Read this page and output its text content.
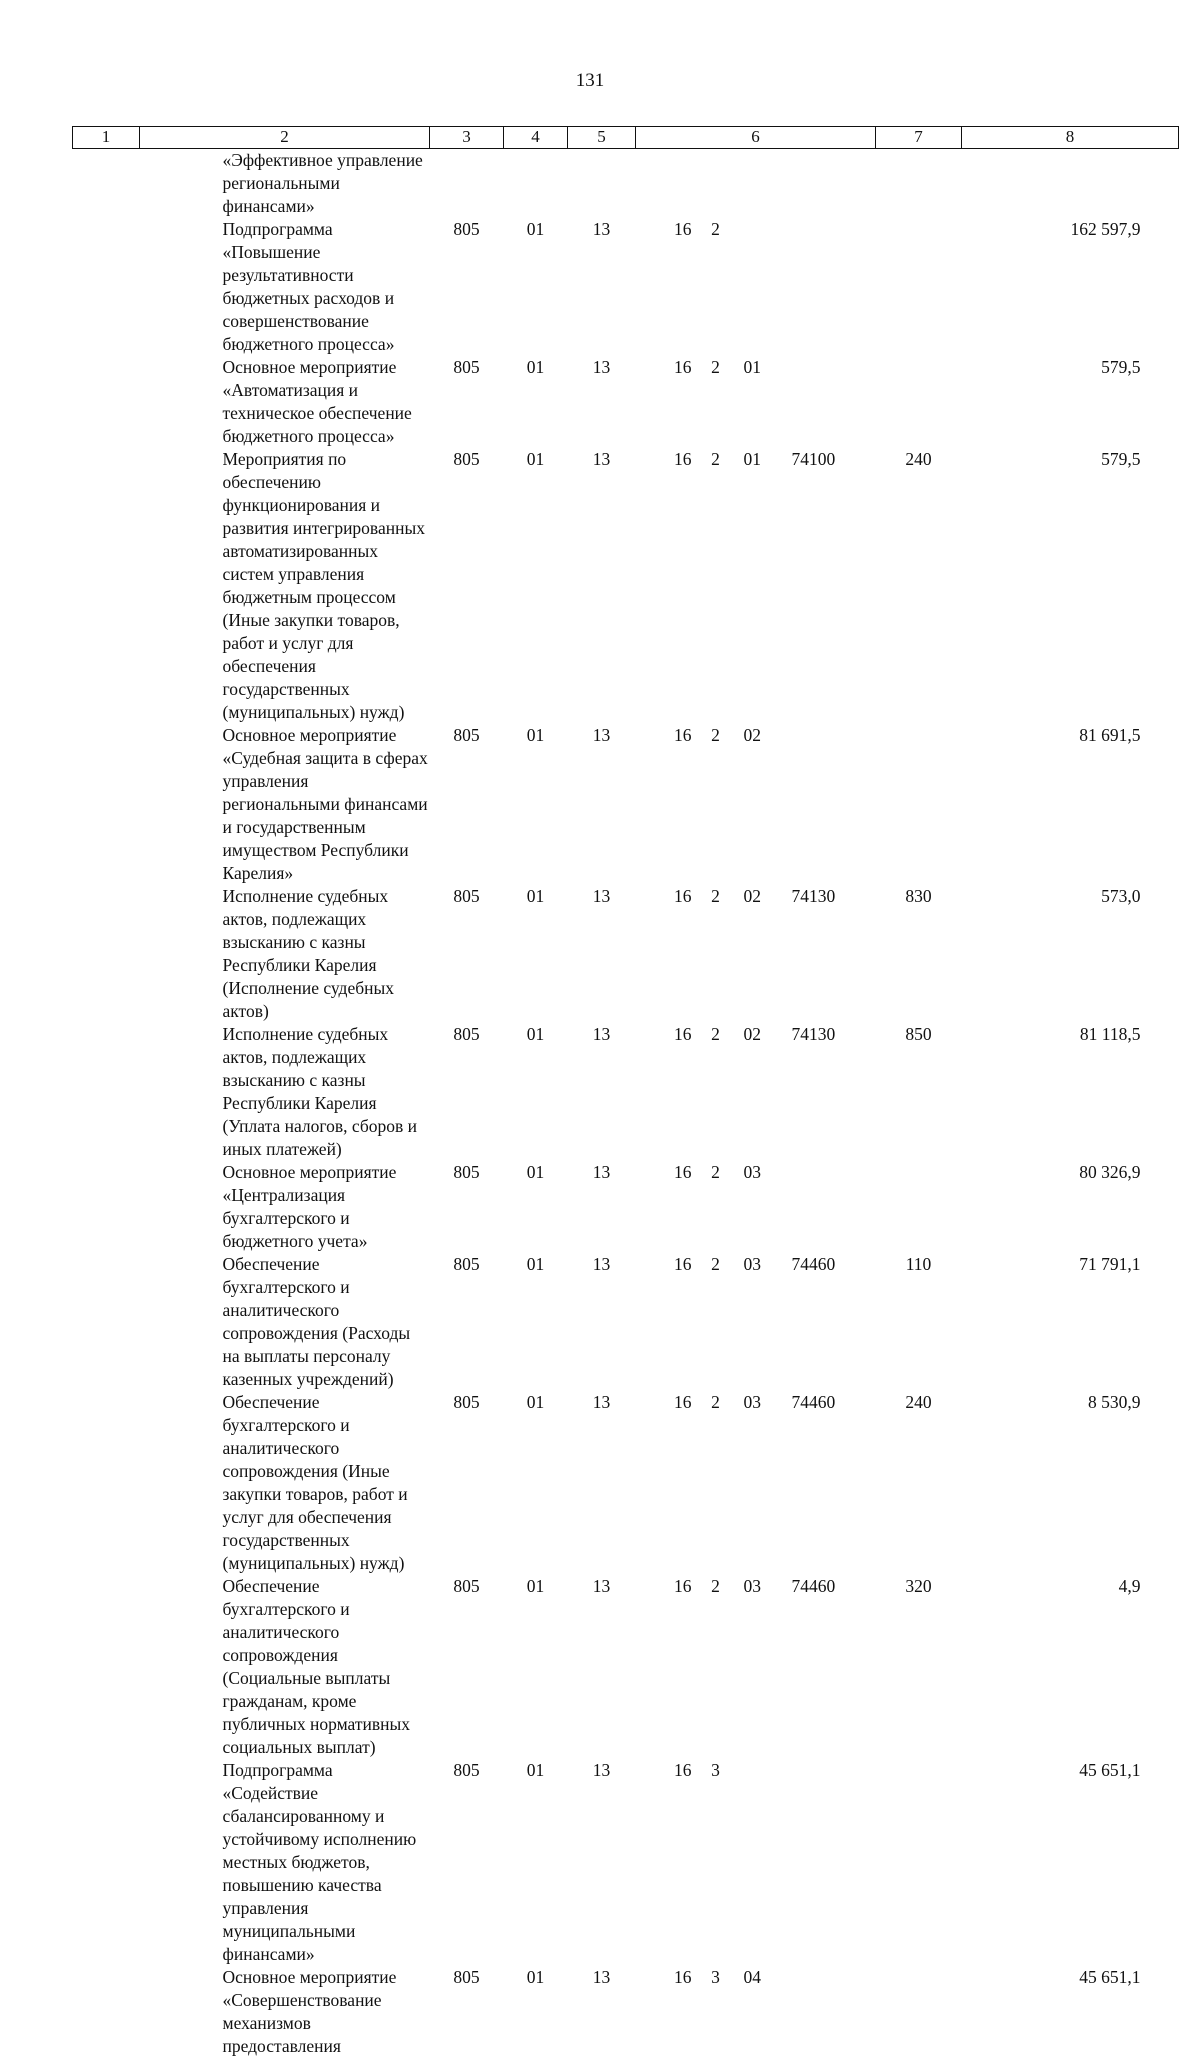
131
1	2	3	4	5	6				7	8
	«Эффективное управление региональными финансами»									
	Подпрограмма «Повышение результативности бюджетных расходов и совершенствование бюджетного процесса»	805	01	13	16	2				162 597,9
	Основное мероприятие «Автоматизация и техническое обеспечение бюджетного процесса»	805	01	13	16	2	01			579,5
	Мероприятия по обеспечению функционирования и развития интегрированных автоматизированных систем управления бюджетным процессом (Иные закупки товаров, работ и услуг для обеспечения государственных (муниципальных) нужд)	805	01	13	16	2	01	74100	240	579,5
	Основное мероприятие «Судебная защита в сферах управления региональными финансами и государственным имуществом Республики Карелия»	805	01	13	16	2	02			81 691,5
	Исполнение судебных актов, подлежащих взысканию с казны Республики Карелия (Исполнение судебных актов)	805	01	13	16	2	02	74130	830	573,0
	Исполнение судебных актов, подлежащих взысканию с казны Республики Карелия (Уплата налогов, сборов и иных платежей)	805	01	13	16	2	02	74130	850	81 118,5
	Основное мероприятие «Централизация бухгалтерского и бюджетного учета»	805	01	13	16	2	03			80 326,9
	Обеспечение бухгалтерского и аналитического сопровождения (Расходы на выплаты персоналу казенных учреждений)	805	01	13	16	2	03	74460	110	71 791,1
	Обеспечение бухгалтерского и аналитического сопровождения (Иные закупки товаров, работ и услуг для обеспечения государственных (муниципальных) нужд)	805	01	13	16	2	03	74460	240	8 530,9
	Обеспечение бухгалтерского и аналитического сопровождения (Социальные выплаты гражданам, кроме публичных нормативных социальных выплат)	805	01	13	16	2	03	74460	320	4,9
	Подпрограмма «Содействие сбалансированному и устойчивому исполнению местных бюджетов, повышению качества управления муниципальными финансами»	805	01	13	16	3				45 651,1
	Основное мероприятие «Совершенствование механизмов предоставления	805	01	13	16	3	04			45 651,1
